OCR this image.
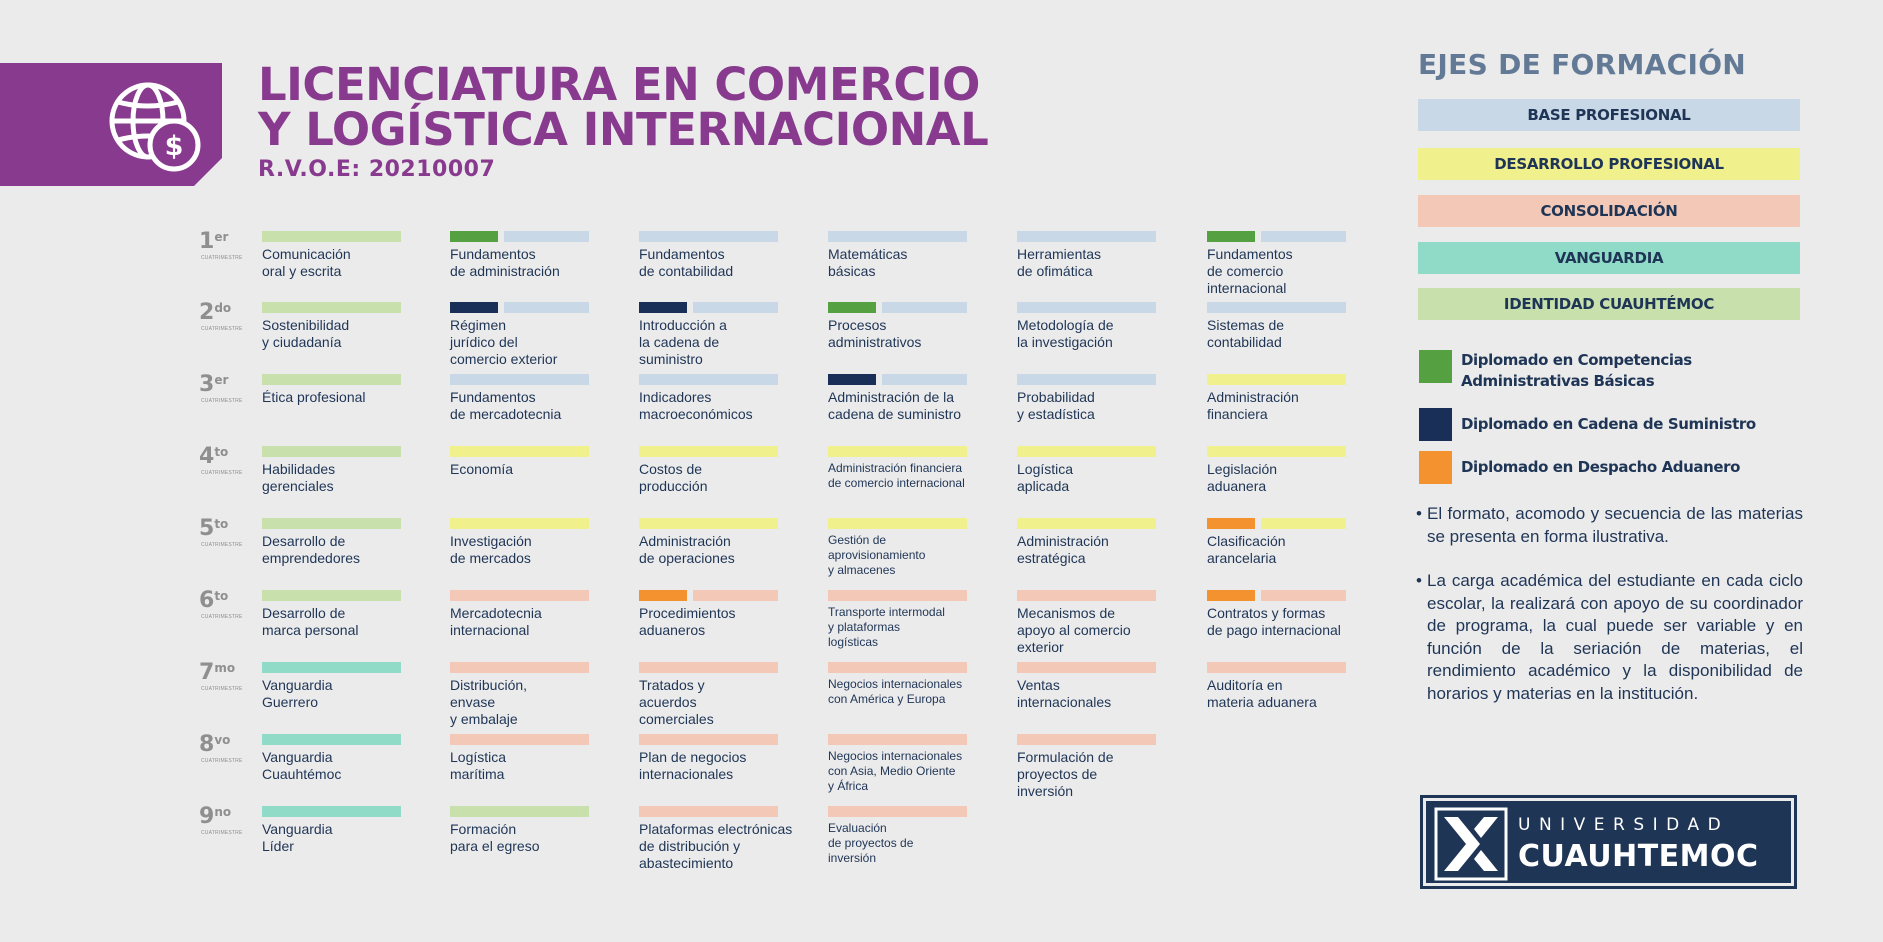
$
LICENCIATURA EN COMERCIO
Y LOGÍSTICA INTERNACIONAL
R.V.O.E: 20210007
1er
CUATRIMESTRE
$2^{do}$
CUATRIMESTRE
3er
CUATRIMESTRE
$4^{to}$
CUATRIMESTRE
$5^{to}$
CUATRIMESTRE
$6^{to}$
CUATRIMESTRE
$7^{mo}$
CUATRIMESTRE
$8^{vo}$
CUATRIMESTRE
$9^{no}$
CUATRIMESTRE
Comunicación
oral y escrita
Fundamentos
de administración
Fundamentos
de contabilidad
Matemáticas
básicas
Herramientas
de ofimática
Fundamentos
de comercio
internacional
Sostenibilidad
y ciudadanía
Régimen
jurídico del
comercio exterior
Introducción a
la cadena de
suministro
Procesos
administrativos
Metodología de
la investigación
Sistemas de
contabilidad
Ética profesional	Fundamentos
de mercadotecnia
Indicadores
macroeconómicos
Administración de la
cadena de suministro
Probabilidad
y estadística
Administración
financiera
Habilidades
gerenciales
Economía	Costos de
producción
Administración financiera
de comercio internacional
Logística
aplicada
Legislación
aduanera
Desarrollo de
emprendedores
Investigación
de mercados
Administración
de operaciones
Gestión de
aprovisionamiento
y almacenes
Administración
estratégica
Clasificación
arancelaria
Desarrollo de
marca personal
Mercadotecnia
internacional
Procedimientos
aduaneros
Transporte intermodal
y plataformas
logísticas
Mecanismos de
apoyo al comercio
exterior
Contratos y formas
de pago internacional
Vanguardia
Guerrero
Distribución,
envase
y embalaje
Tratados y
acuerdos
comerciales
Negocios internacionales
con América y Europa
Ventas
internacionales
Auditoría en
materia aduanera
Vanguardia
Cuauhtémoc
Logística
marítima
Plan de negocios
internacionales
Negocios internacionales
con Asia, Medio Oriente
y África
Formulación de
proyectos de
inversión
Vanguardia
Líder
Formación
para el egreso
Plataformas electrónicas
de distribución y
abastecimiento
Evaluación
de proyectos de
inversión
EJES DE FORMACIÓN
BASE PROFESIONAL
DESARROLLO PROFESIONAL
CONSOLIDACIÓN
VANGUARDIA
IDENTIDAD CUAUHTÉMOC
Diplomado en Competencias
Administrativas Básicas
Diplomado en Cadena de Suministro
Diplomado en Despacho Aduanero
• El formato, acomodo y secuencia de las materias se presenta en forma ilustrativa.
• La carga académica del estudiante en cada ciclo escolar, la realizará con apoyo de su coordinador de programa, la cual puede ser variable y en función de la seriación de materias, el rendimiento académico y la disponibilidad de horarios y materias en la institución.
UNIVERSIDAD
CUAUHTEMOC
